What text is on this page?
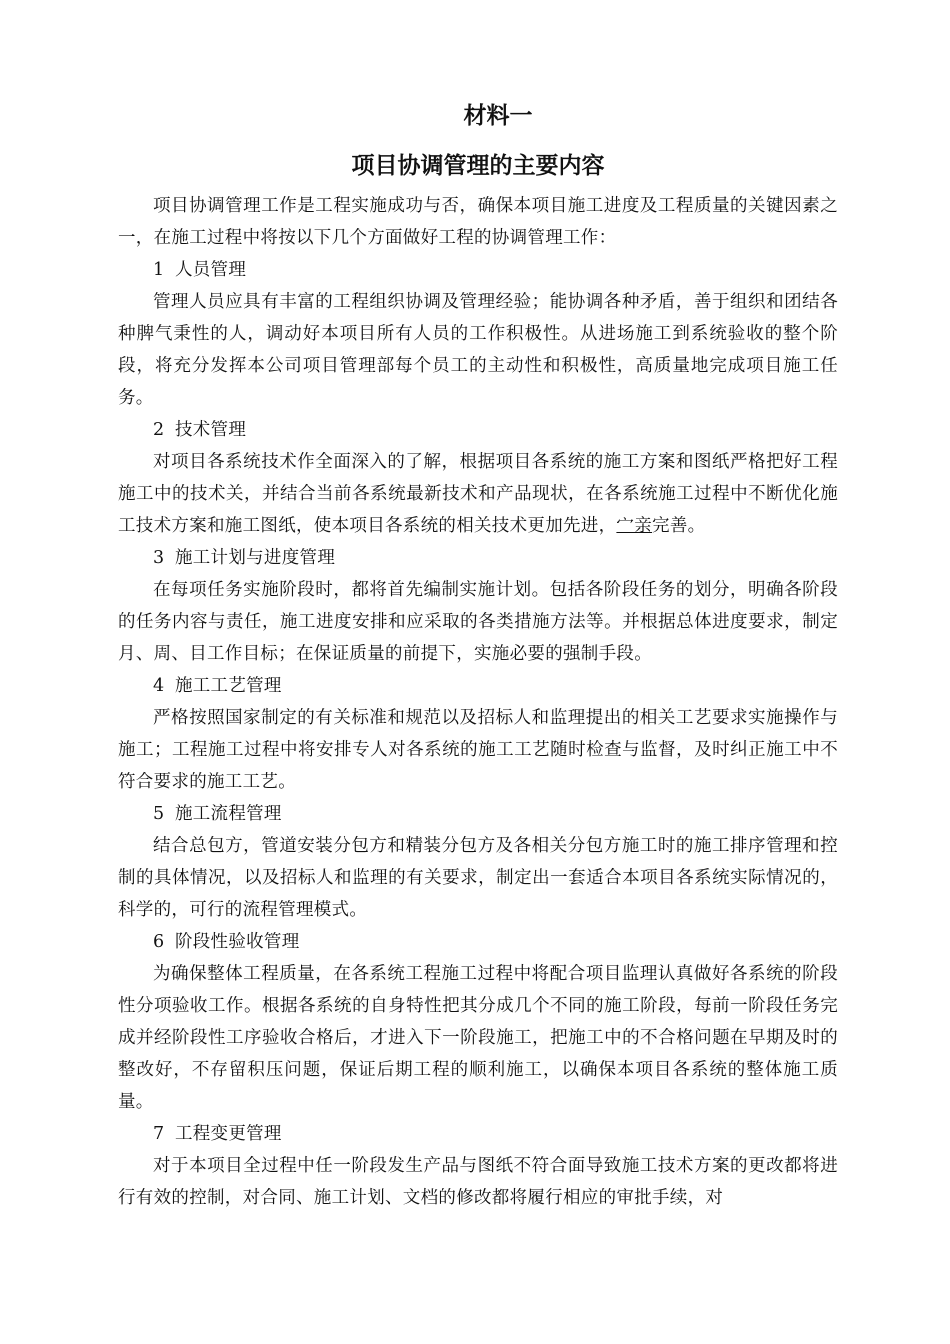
材料一
项目协调管理的主要内容

项目协调管理工作是工程实施成功与否，确保本项目施工进度及工程质量的关键因素之一，在施工过程中将按以下几个方面做好工程的协调管理工作：

1 人员管理

管理人员应具有丰富的工程组织协调及管理经验；能协调各种矛盾，善于组织和团结各种脾气秉性的人，调动好本项目所有人员的工作积极性。从进场施工到系统验收的整个阶段，将充分发挥本公司项目管理部每个员工的主动性和积极性，高质量地完成项目施工任务。

2 技术管理

对项目各系统技术作全面深入的了解，根据项目各系统的施工方案和图纸严格把好工程施工中的技术关，并结合当前各系统最新技术和产品现状，在各系统施工过程中不断优化施工技术方案和施工图纸，使本项目各系统的相关技术更加先进，宀亲完善。

3 施工计划与进度管理

在每项任务实施阶段时，都将首先编制实施计划。包括各阶段任务的划分，明确各阶段的任务内容与责任，施工进度安排和应采取的各类措施方法等。并根据总体进度要求，制定月、周、目工作目标；在保证质量的前提下，实施必要的强制手段。

4 施工工艺管理

严格按照国家制定的有关标准和规范以及招标人和监理提出的相关工艺要求实施操作与施工；工程施工过程中将安排专人对各系统的施工工艺随时检查与监督，及时纠正施工中不符合要求的施工工艺。

5 施工流程管理

结合总包方，管道安装分包方和精装分包方及各相关分包方施工时的施工排序管理和控制的具体情况，以及招标人和监理的有关要求，制定出一套适合本项目各系统实际情况的，科学的，可行的流程管理模式。

6 阶段性验收管理

为确保整体工程质量，在各系统工程施工过程中将配合项目监理认真做好各系统的阶段性分项验收工作。根据各系统的自身特性把其分成几个不同的施工阶段，每前一阶段任务完成并经阶段性工序验收合格后，才进入下一阶段施工，把施工中的不合格问题在早期及时的整改好，不存留积压问题，保证后期工程的顺利施工，以确保本项目各系统的整体施工质量。

7 工程变更管理

对于本项目全过程中任一阶段发生产品与图纸不符合面导致施工技术方案的更改都将进行有效的控制，对合同、施工计划、文档的修改都将履行相应的审批手续，对
